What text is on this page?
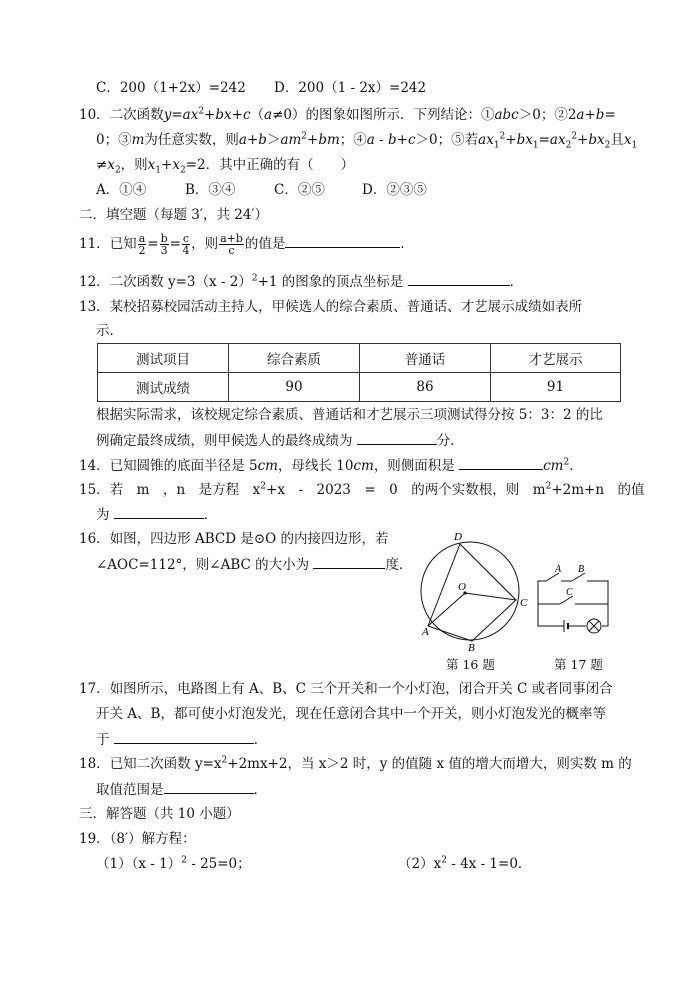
C．200（1+2x）=242 D．200（1 - 2x）=242
10．二次函数$y=ax^2+bx+c(a\ne 0)$的图象如图所示．下列结论：①abc＞0；②2a+b=
0；③m为任意实数，则$a+b>am^2+bm$；④a - b+c＞0；⑤若$ax_1^2+bx_1=ax_2^2+bx_2$且$x_1$
$\ne x_2$，则$x_1+x_2=2$．其中正确的有（　　）
A．①④	B．③④	C．②⑤	D．②③⑤
二．填空题（每题 3′，共 24′）
11．已知 $\frac{a}{2} = \frac{b}{3} = \frac{c}{4}$ ，则 $\frac{a+b}{c}$ 的值是	．
12．二次函数 y=3（x - 2）$^2$+1 的图象的顶点坐标是	．
13．某校招募校园活动主持人，甲候选人的综合素质、普通话、才艺展示成绩如表所
示．
测试项目	综合素质	普通话	才艺展示
测试成绩	90	86	91
根据实际需求，该校规定综合素质、普通话和才艺展示三项测试得分按 5：3：2 的比
例确定最终成绩，则甲候选人的最终成绩为	分．
14．已知圆锥的底面半径是 5cm，母线长 10cm，则侧面积是	$cm^2$．
15．若　m　，n　是方程　$x^2+x$　-　2023　=　0　的两个实数根，则　$m^2+2m+n$　的值
为	．
16．如图，四边形 ABCD 是⊙O 的内接四边形，若
∠AOC=112°，则∠ABC 的大小为	度．
D
O
C
A
B
第 16 题
A B
C
第 17 题
17．如图所示，电路图上有 A、B、C 三个开关和一个小灯泡，闭合开关 C 或者同事闭合
开关 A、B，都可使小灯泡发光，现在任意闭合其中一个开关，则小灯泡发光的概率等
于	．
18．已知二次函数 $y=x^2+2mx+2$，当 x＞2 时，y 的值随 x 值的增大而增大，则实数 m 的
取值范围是	．
三．解答题（共 10 小题）
19．（8′）解方程：
（1）（x - 1）$^2$ - 25=0；	$(2)x^2 - 4x - 1=0$．
